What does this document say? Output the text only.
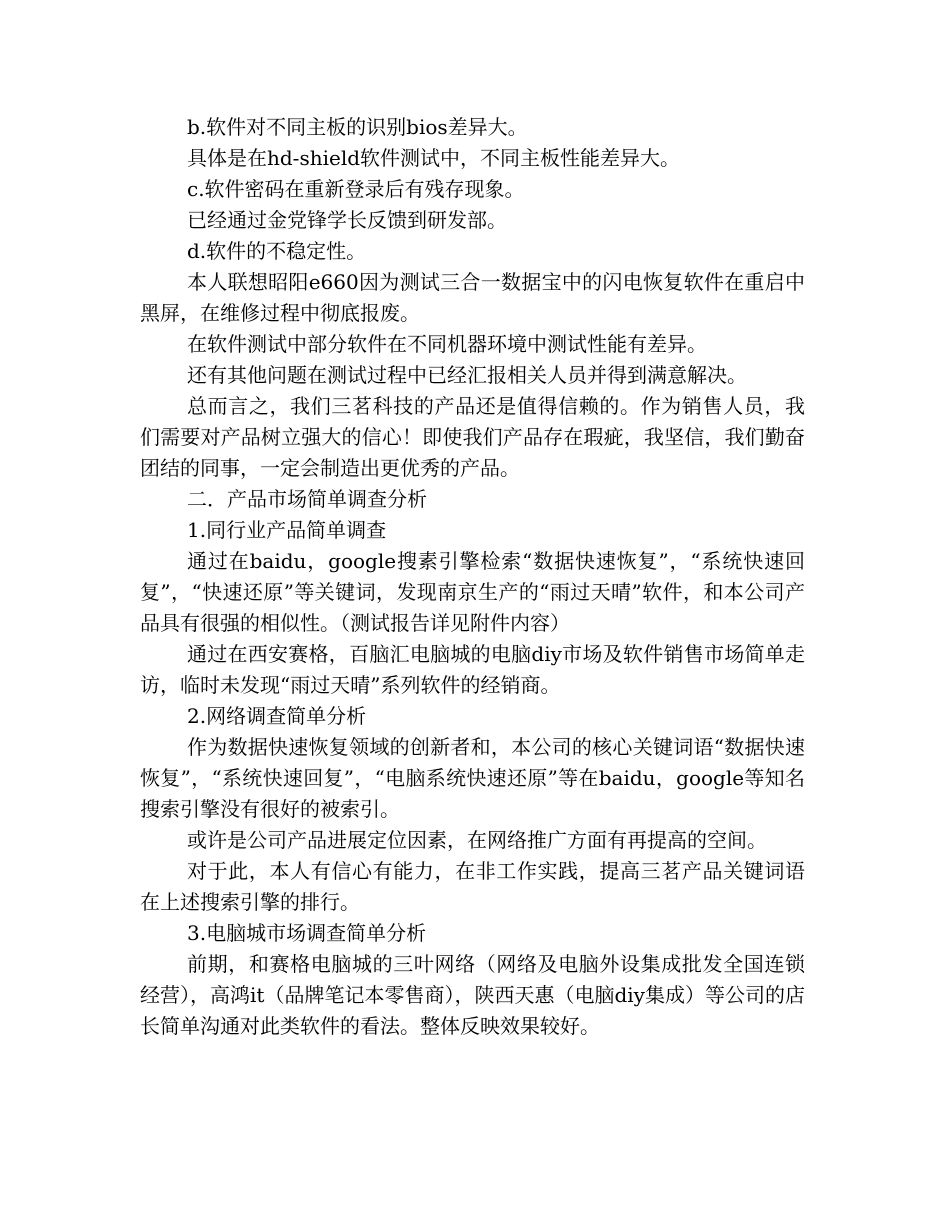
b.软件对不同主板的识别bios差异大。

具体是在hd-shield软件测试中，不同主板性能差异大。

c.软件密码在重新登录后有残存现象。

已经通过金党锋学长反馈到研发部。

d.软件的不稳定性。

本人联想昭阳e660因为测试三合一数据宝中的闪电恢复软件在重启中黑屏，在维修过程中彻底报废。

在软件测试中部分软件在不同机器环境中测试性能有差异。

还有其他问题在测试过程中已经汇报相关人员并得到满意解决。

总而言之，我们三茗科技的产品还是值得信赖的。作为销售人员，我们需要对产品树立强大的信心！即使我们产品存在瑕疵，我坚信，我们勤奋团结的同事，一定会制造出更优秀的产品。

二．产品市场简单调查分析

1.同行业产品简单调查

通过在baidu，google搜素引擎检索“数据快速恢复”，“系统快速回复”，“快速还原”等关键词，发现南京生产的“雨过天晴”软件，和本公司产品具有很强的相似性。（测试报告详见附件内容）

通过在西安赛格，百脑汇电脑城的电脑diy市场及软件销售市场简单走访，临时未发现“雨过天晴”系列软件的经销商。

2.网络调查简单分析

作为数据快速恢复领域的创新者和，本公司的核心关键词语“数据快速恢复”，“系统快速回复”，“电脑系统快速还原”等在baidu，google等知名搜索引擎没有很好的被索引。

或许是公司产品进展定位因素，在网络推广方面有再提高的空间。

对于此，本人有信心有能力，在非工作实践，提高三茗产品关键词语在上述搜索引擎的排行。

3.电脑城市场调查简单分析

前期，和赛格电脑城的三叶网络（网络及电脑外设集成批发全国连锁经营），高鸿it（品牌笔记本零售商），陕西天惠（电脑diy集成）等公司的店长简单沟通对此类软件的看法。整体反映效果较好。
